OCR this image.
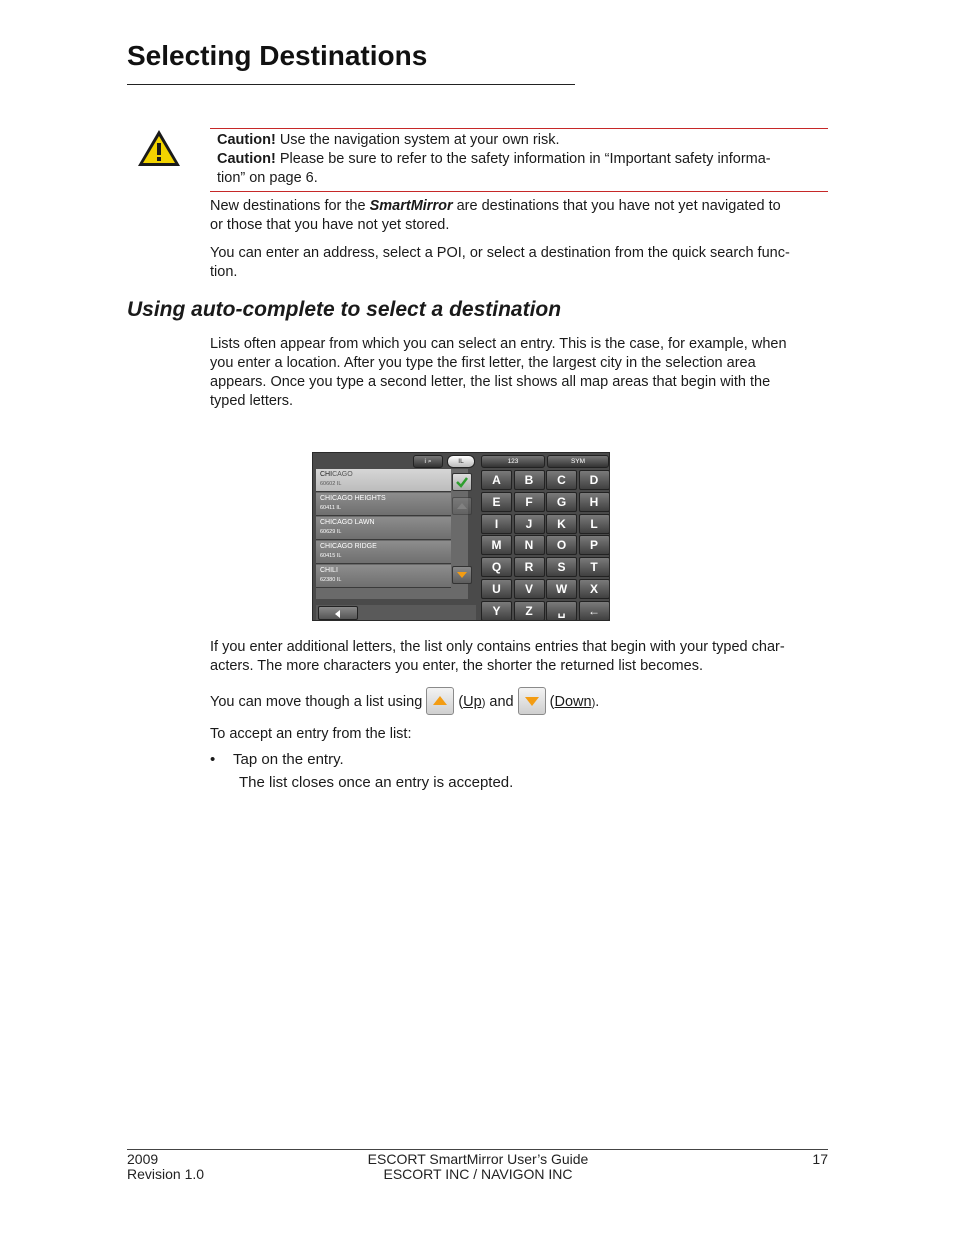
Selecting Destinations
Caution! Use the navigation system at your own risk.
Caution! Please be sure to refer to the safety information in “Important safety informa-
tion” on page 6.
New destinations for the SmartMirror are destinations that you have not yet navigated to
or those that you have not yet stored.
You can enter an address, select a POI, or select a destination from the quick search func-
tion.
Using auto-complete to select a destination
Lists often appear from which you can select an entry. This is the case, for example, when
you enter a location. After you type the first letter, the largest city in the selection area
appears. Once you type a second letter, the list shows all map areas that begin with the
typed letters.
i ⌕	IL	123	SYM
CHICAGO
60602 IL
CHICAGO HEIGHTS
60411 IL
CHICAGO LAWN
60629 IL
CHICAGO RIDGE
60415 IL
CHILI
62380 IL
A	B	C	D
E	F	G	H
I	J	K	L
M	N	O	P
Q	R	S	T
U	V	W	X
Y	Z	␣	←
If you enter additional letters, the list only contains entries that begin with your typed char-
acters. The more characters you enter, the shorter the returned list becomes.
You can move though a list using  (Up) and  (Down).
To accept an entry from the list:
• Tap on the entry.
The list closes once an entry is accepted.
2009
Revision 1.0
ESCORT SmartMirror User’s Guide
ESCORT INC / NAVIGON INC
17
